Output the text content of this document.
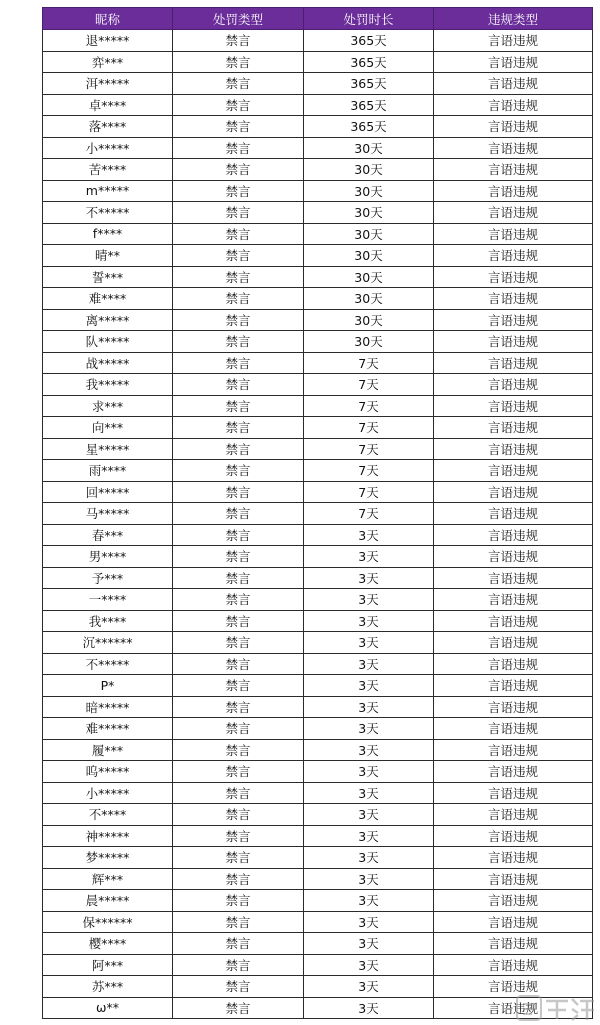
昵称	处罚类型	处罚时长	违规类型
退*****	禁言	365天	言语违规
弈***	禁言	365天	言语违规
洱*****	禁言	365天	言语违规
卓****	禁言	365天	言语违规
落****	禁言	365天	言语违规
小*****	禁言	30天	言语违规
苦****	禁言	30天	言语违规
m*****	禁言	30天	言语违规
不*****	禁言	30天	言语违规
f****	禁言	30天	言语违规
晴**	禁言	30天	言语违规
誓***	禁言	30天	言语违规
难****	禁言	30天	言语违规
离*****	禁言	30天	言语违规
队*****	禁言	30天	言语违规
战*****	禁言	7天	言语违规
我*****	禁言	7天	言语违规
求***	禁言	7天	言语违规
向***	禁言	7天	言语违规
星*****	禁言	7天	言语违规
雨****	禁言	7天	言语违规
回*****	禁言	7天	言语违规
马*****	禁言	7天	言语违规
春***	禁言	3天	言语违规
男****	禁言	3天	言语违规
予***	禁言	3天	言语违规
一****	禁言	3天	言语违规
我****	禁言	3天	言语违规
沉******	禁言	3天	言语违规
不*****	禁言	3天	言语违规
P*	禁言	3天	言语违规
暗*****	禁言	3天	言语违规
难*****	禁言	3天	言语违规
履***	禁言	3天	言语违规
呜*****	禁言	3天	言语违规
小*****	禁言	3天	言语违规
不****	禁言	3天	言语违规
神*****	禁言	3天	言语违规
梦*****	禁言	3天	言语违规
辉***	禁言	3天	言语违规
晨*****	禁言	3天	言语违规
保******	禁言	3天	言语违规
樱****	禁言	3天	言语违规
阿***	禁言	3天	言语违规
苏***	禁言	3天	言语违规
ω**	禁言	3天	言语违规
